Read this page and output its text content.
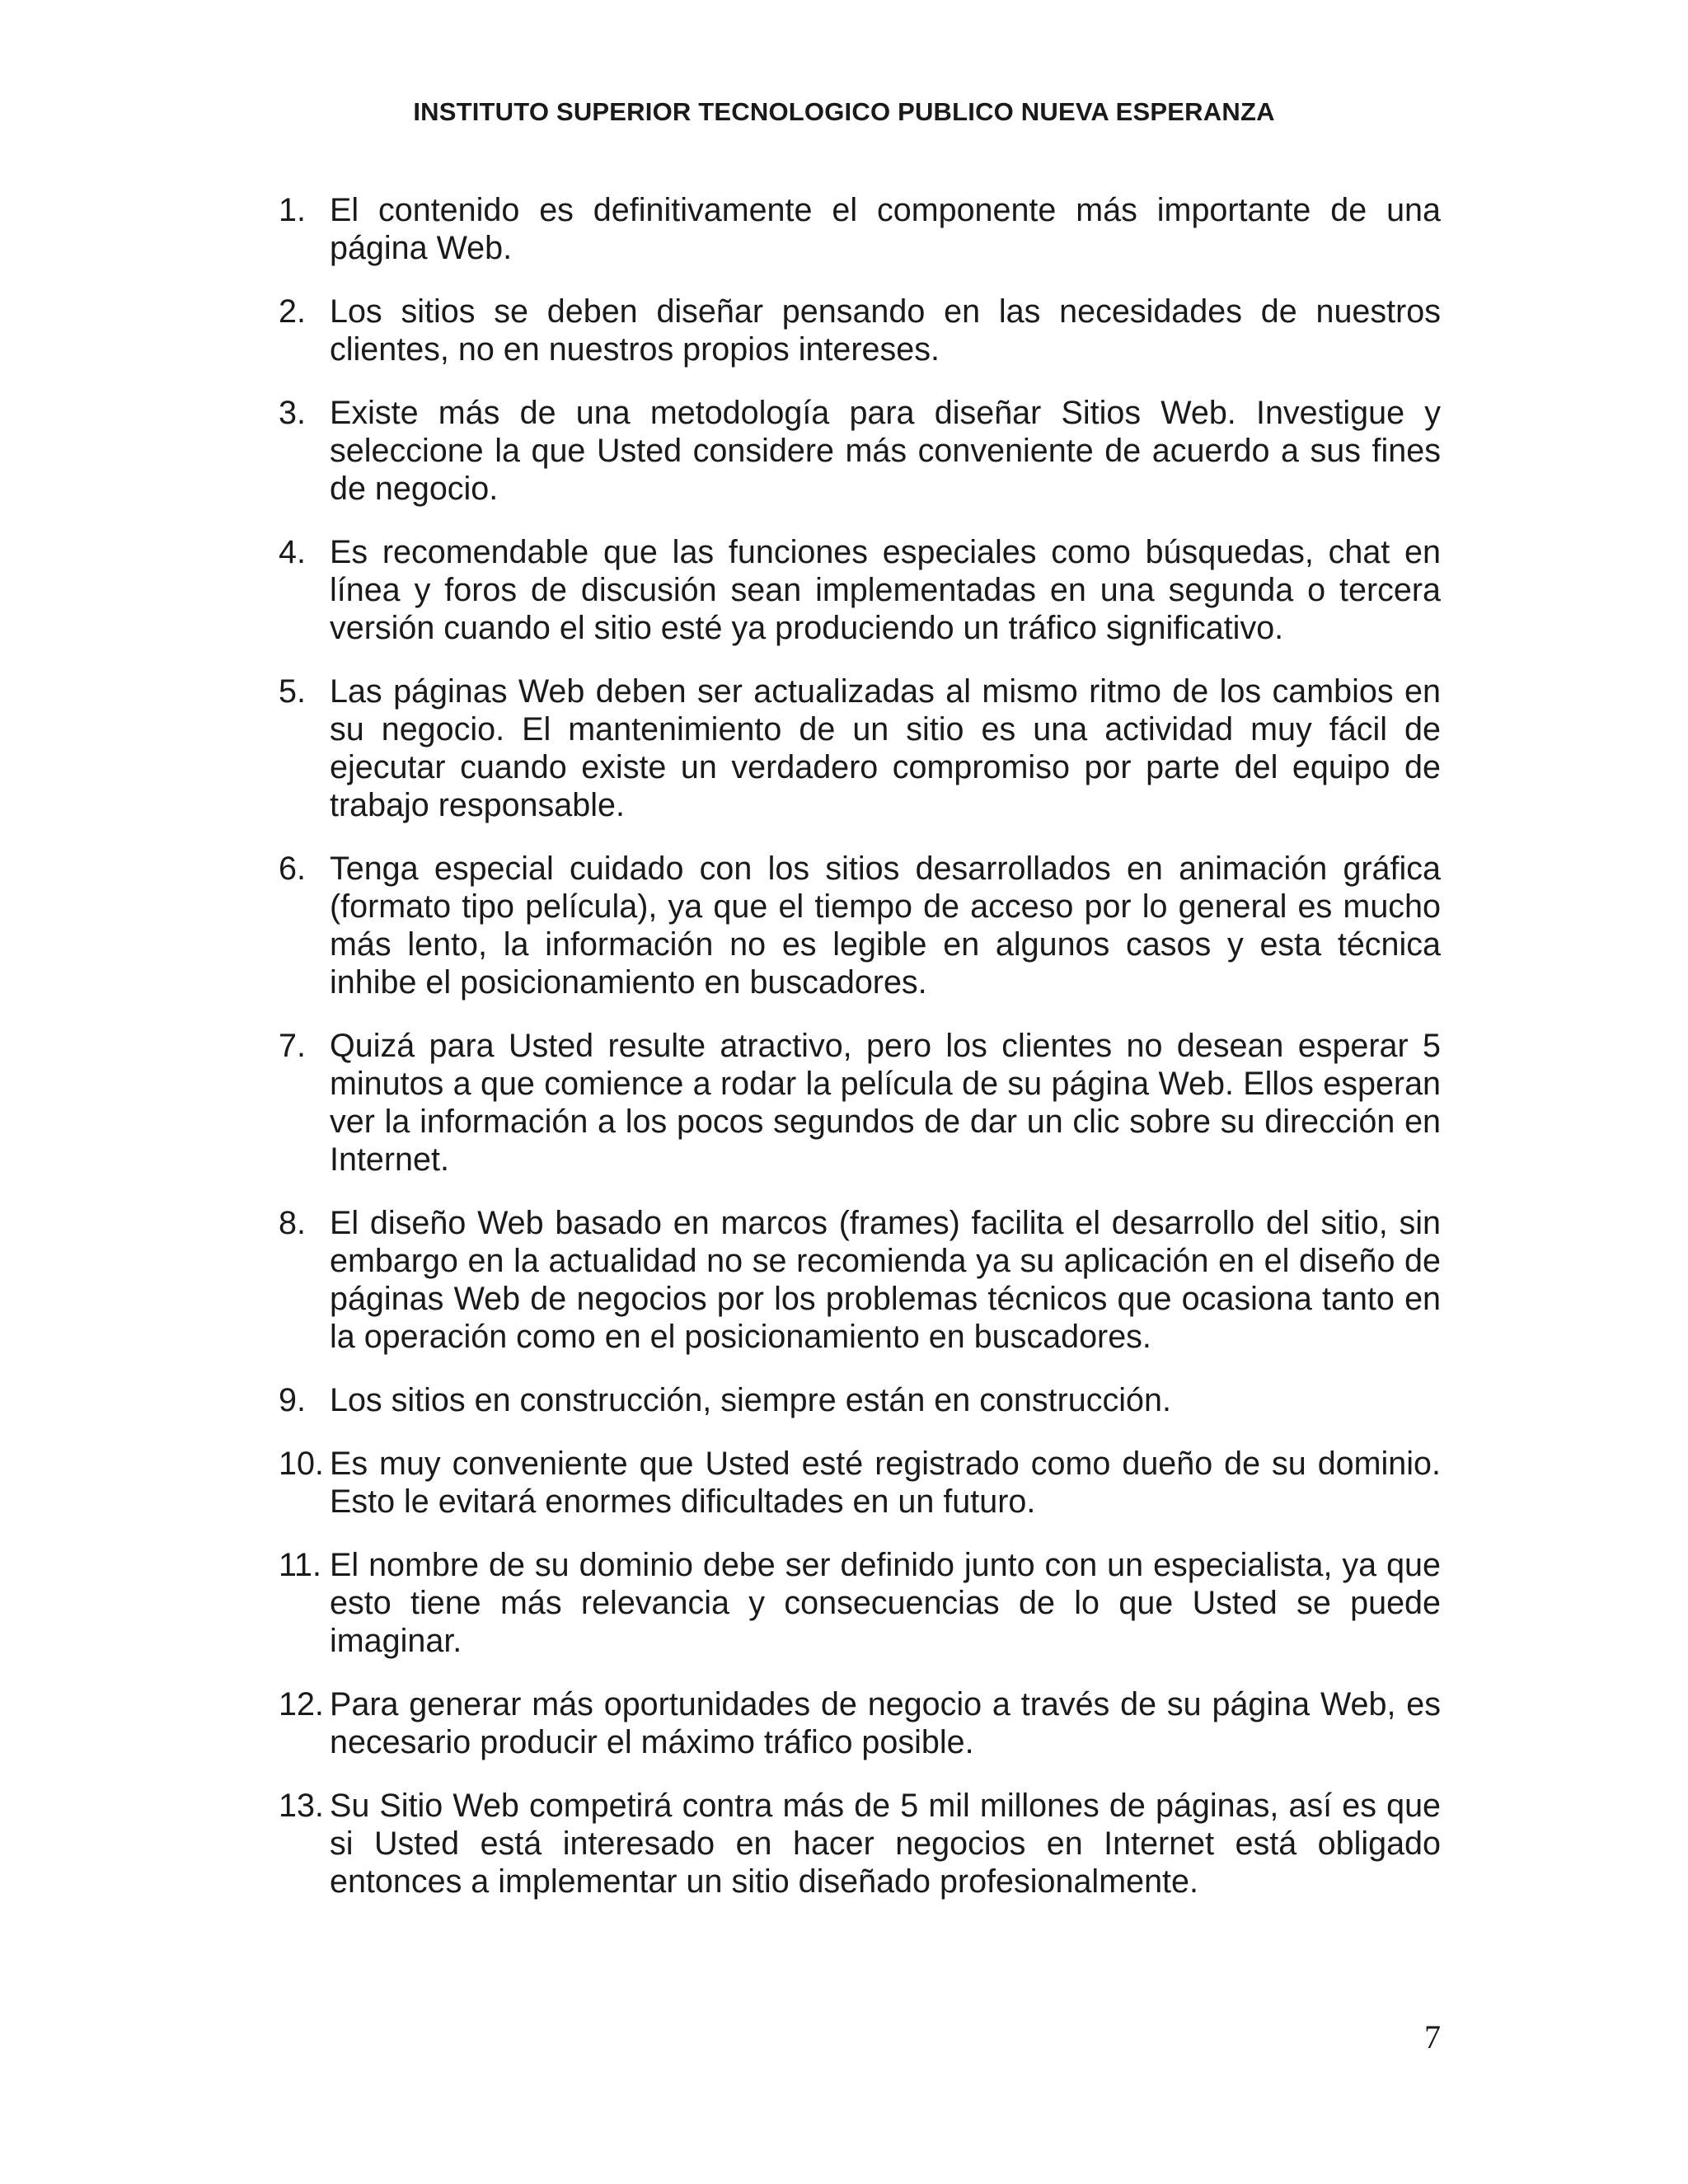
INSTITUTO SUPERIOR TECNOLOGICO PUBLICO NUEVA ESPERANZA
1. El contenido es definitivamente el componente más importante de una página Web.
2. Los sitios se deben diseñar pensando en las necesidades de nuestros clientes, no en nuestros propios intereses.
3. Existe más de una metodología para diseñar Sitios Web. Investigue y seleccione la que Usted considere más conveniente de acuerdo a sus fines de negocio.
4. Es recomendable que las funciones especiales como búsquedas, chat en línea y foros de discusión sean implementadas en una segunda o tercera versión cuando el sitio esté ya produciendo un tráfico significativo.
5. Las páginas Web deben ser actualizadas al mismo ritmo de los cambios en su negocio. El mantenimiento de un sitio es una actividad muy fácil de ejecutar cuando existe un verdadero compromiso por parte del equipo de trabajo responsable.
6. Tenga especial cuidado con los sitios desarrollados en animación gráfica (formato tipo película), ya que el tiempo de acceso por lo general es mucho más lento, la información no es legible en algunos casos y esta técnica inhibe el posicionamiento en buscadores.
7. Quizá para Usted resulte atractivo, pero los clientes no desean esperar 5 minutos a que comience a rodar la película de su página Web. Ellos esperan ver la información a los pocos segundos de dar un clic sobre su dirección en Internet.
8. El diseño Web basado en marcos (frames) facilita el desarrollo del sitio, sin embargo en la actualidad no se recomienda ya su aplicación en el diseño de páginas Web de negocios por los problemas técnicos que ocasiona tanto en la operación como en el posicionamiento en buscadores.
9. Los sitios en construcción, siempre están en construcción.
10. Es muy conveniente que Usted esté registrado como dueño de su dominio. Esto le evitará enormes dificultades en un futuro.
11. El nombre de su dominio debe ser definido junto con un especialista, ya que esto tiene más relevancia y consecuencias de lo que Usted se puede imaginar.
12. Para generar más oportunidades de negocio a través de su página Web, es necesario producir el máximo tráfico posible.
13. Su Sitio Web competirá contra más de 5 mil millones de páginas, así es que si Usted está interesado en hacer negocios en Internet está obligado entonces a implementar un sitio diseñado profesionalmente.
7
